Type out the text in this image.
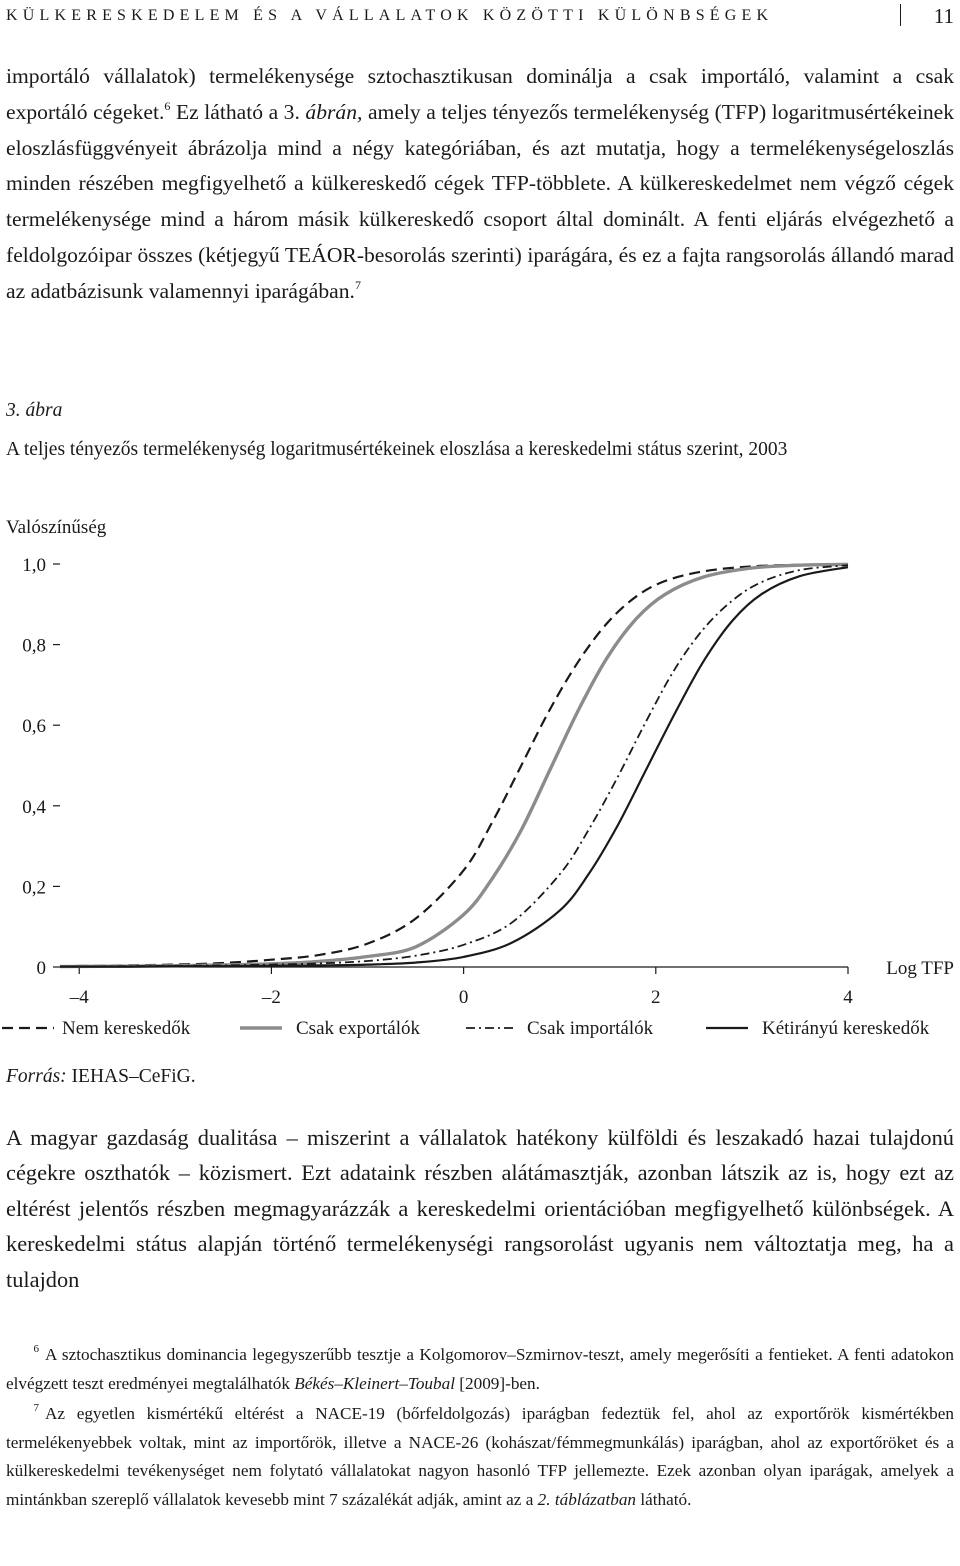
KÜLKERESKEDELEM ÉS A VÁLLALATOK KÖZÖTTI KÜLÖNBSÉGEK	11

importáló vállalatok) termelékenysége sztochasztikusan dominálja a csak importáló, valamint a csak exportáló cégeket.$^6$ Ez látható a 3. ábrán, amely a teljes tényezős termelékenység (TFP) logaritmusértékeinek eloszlásfüggvényeit ábrázolja mind a négy kategóriában, és azt mutatja, hogy a termelékenységeloszlás minden részében megfigyelhető a külkereskedő cégek TFP-többlete. A külkereskedelmet nem végző cégek termelékenysége mind a három másik külkereskedő csoport által dominált. A fenti eljárás elvégezhető a feldolgozóipar összes (kétjegyű TEÁOR-besorolás szerinti) iparágára, és ez a fajta rangsorolás állandó marad az adatbázisunk valamennyi iparágában.$^7$

3. ábra
A teljes tényezős termelékenység logaritmusértékeinek eloszlása a kereskedelmi státus szerint, 2003
Valószínűség
0
0,2
0,4
0,6
0,8
1,0
–4	–2	0	2	4
Log TFP
Nem kereskedők	Csak exportálók	Csak importálók	Kétirányú kereskedők
Forrás: IEHAS–CeFiG.

A magyar gazdaság dualitása – miszerint a vállalatok hatékony külföldi és leszakadó hazai tulajdonú cégekre oszthatók – közismert. Ezt adataink részben alátámasztják, azonban látszik az is, hogy ezt az eltérést jelentős részben megmagyarázzák a kereskedelmi orientációban megfigyelhető különbségek. A kereskedelmi státus alapján történő termelékenységi rangsorolást ugyanis nem változtatja meg, ha a tulajdon

$^6$ A sztochasztikus dominancia legegyszerűbb tesztje a Kolgomorov–Szmirnov-teszt, amely megerősíti a fentieket. A fenti adatokon elvégzett teszt eredményei megtalálhatók Békés–Kleinert–Toubal [2009]-ben.

$^7$ Az egyetlen kismértékű eltérést a NACE-19 (bőrfeldolgozás) iparágban fedeztük fel, ahol az exportőrök kismértékben termelékenyebbek voltak, mint az importőrök, illetve a NACE-26 (kohászat/fémmegmunkálás) iparágban, ahol az exportőröket és a külkereskedelmi tevékenységet nem folytató vállalatokat nagyon hasonló TFP jellemezte. Ezek azonban olyan iparágak, amelyek a mintánkban szereplő vállalatok kevesebb mint 7 százalékát adják, amint az a 2. táblázatban látható.
